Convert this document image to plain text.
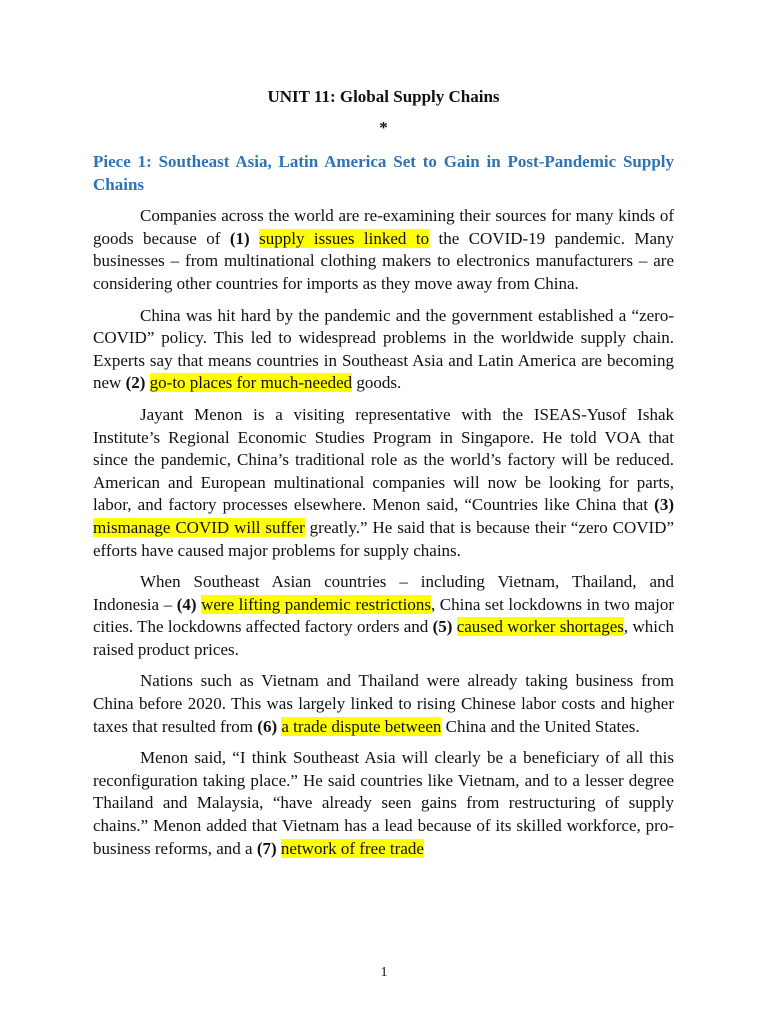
UNIT 11: Global Supply Chains

*

Piece 1: Southeast Asia, Latin America Set to Gain in Post-Pandemic Supply Chains

Companies across the world are re-examining their sources for many kinds of goods because of (1) supply issues linked to the COVID-19 pandemic. Many businesses – from multinational clothing makers to electronics manufacturers – are considering other countries for imports as they move away from China.

China was hit hard by the pandemic and the government established a “zero-COVID” policy. This led to widespread problems in the worldwide supply chain. Experts say that means countries in Southeast Asia and Latin America are becoming new (2) go-to places for much-needed goods.

Jayant Menon is a visiting representative with the ISEAS-Yusof Ishak Institute’s Regional Economic Studies Program in Singapore. He told VOA that since the pandemic, China’s traditional role as the world’s factory will be reduced. American and European multinational companies will now be looking for parts, labor, and factory processes elsewhere. Menon said, “Countries like China that (3) mismanage COVID will suffer greatly.” He said that is because their “zero COVID” efforts have caused major problems for supply chains.

When Southeast Asian countries – including Vietnam, Thailand, and Indonesia – (4) were lifting pandemic restrictions, China set lockdowns in two major cities. The lockdowns affected factory orders and (5) caused worker shortages, which raised product prices.

Nations such as Vietnam and Thailand were already taking business from China before 2020. This was largely linked to rising Chinese labor costs and higher taxes that resulted from (6) a trade dispute between China and the United States.

Menon said, “I think Southeast Asia will clearly be a beneficiary of all this reconfiguration taking place.” He said countries like Vietnam, and to a lesser degree Thailand and Malaysia, “have already seen gains from restructuring of supply chains.” Menon added that Vietnam has a lead because of its skilled workforce, pro-business reforms, and a (7) network of free trade

1
